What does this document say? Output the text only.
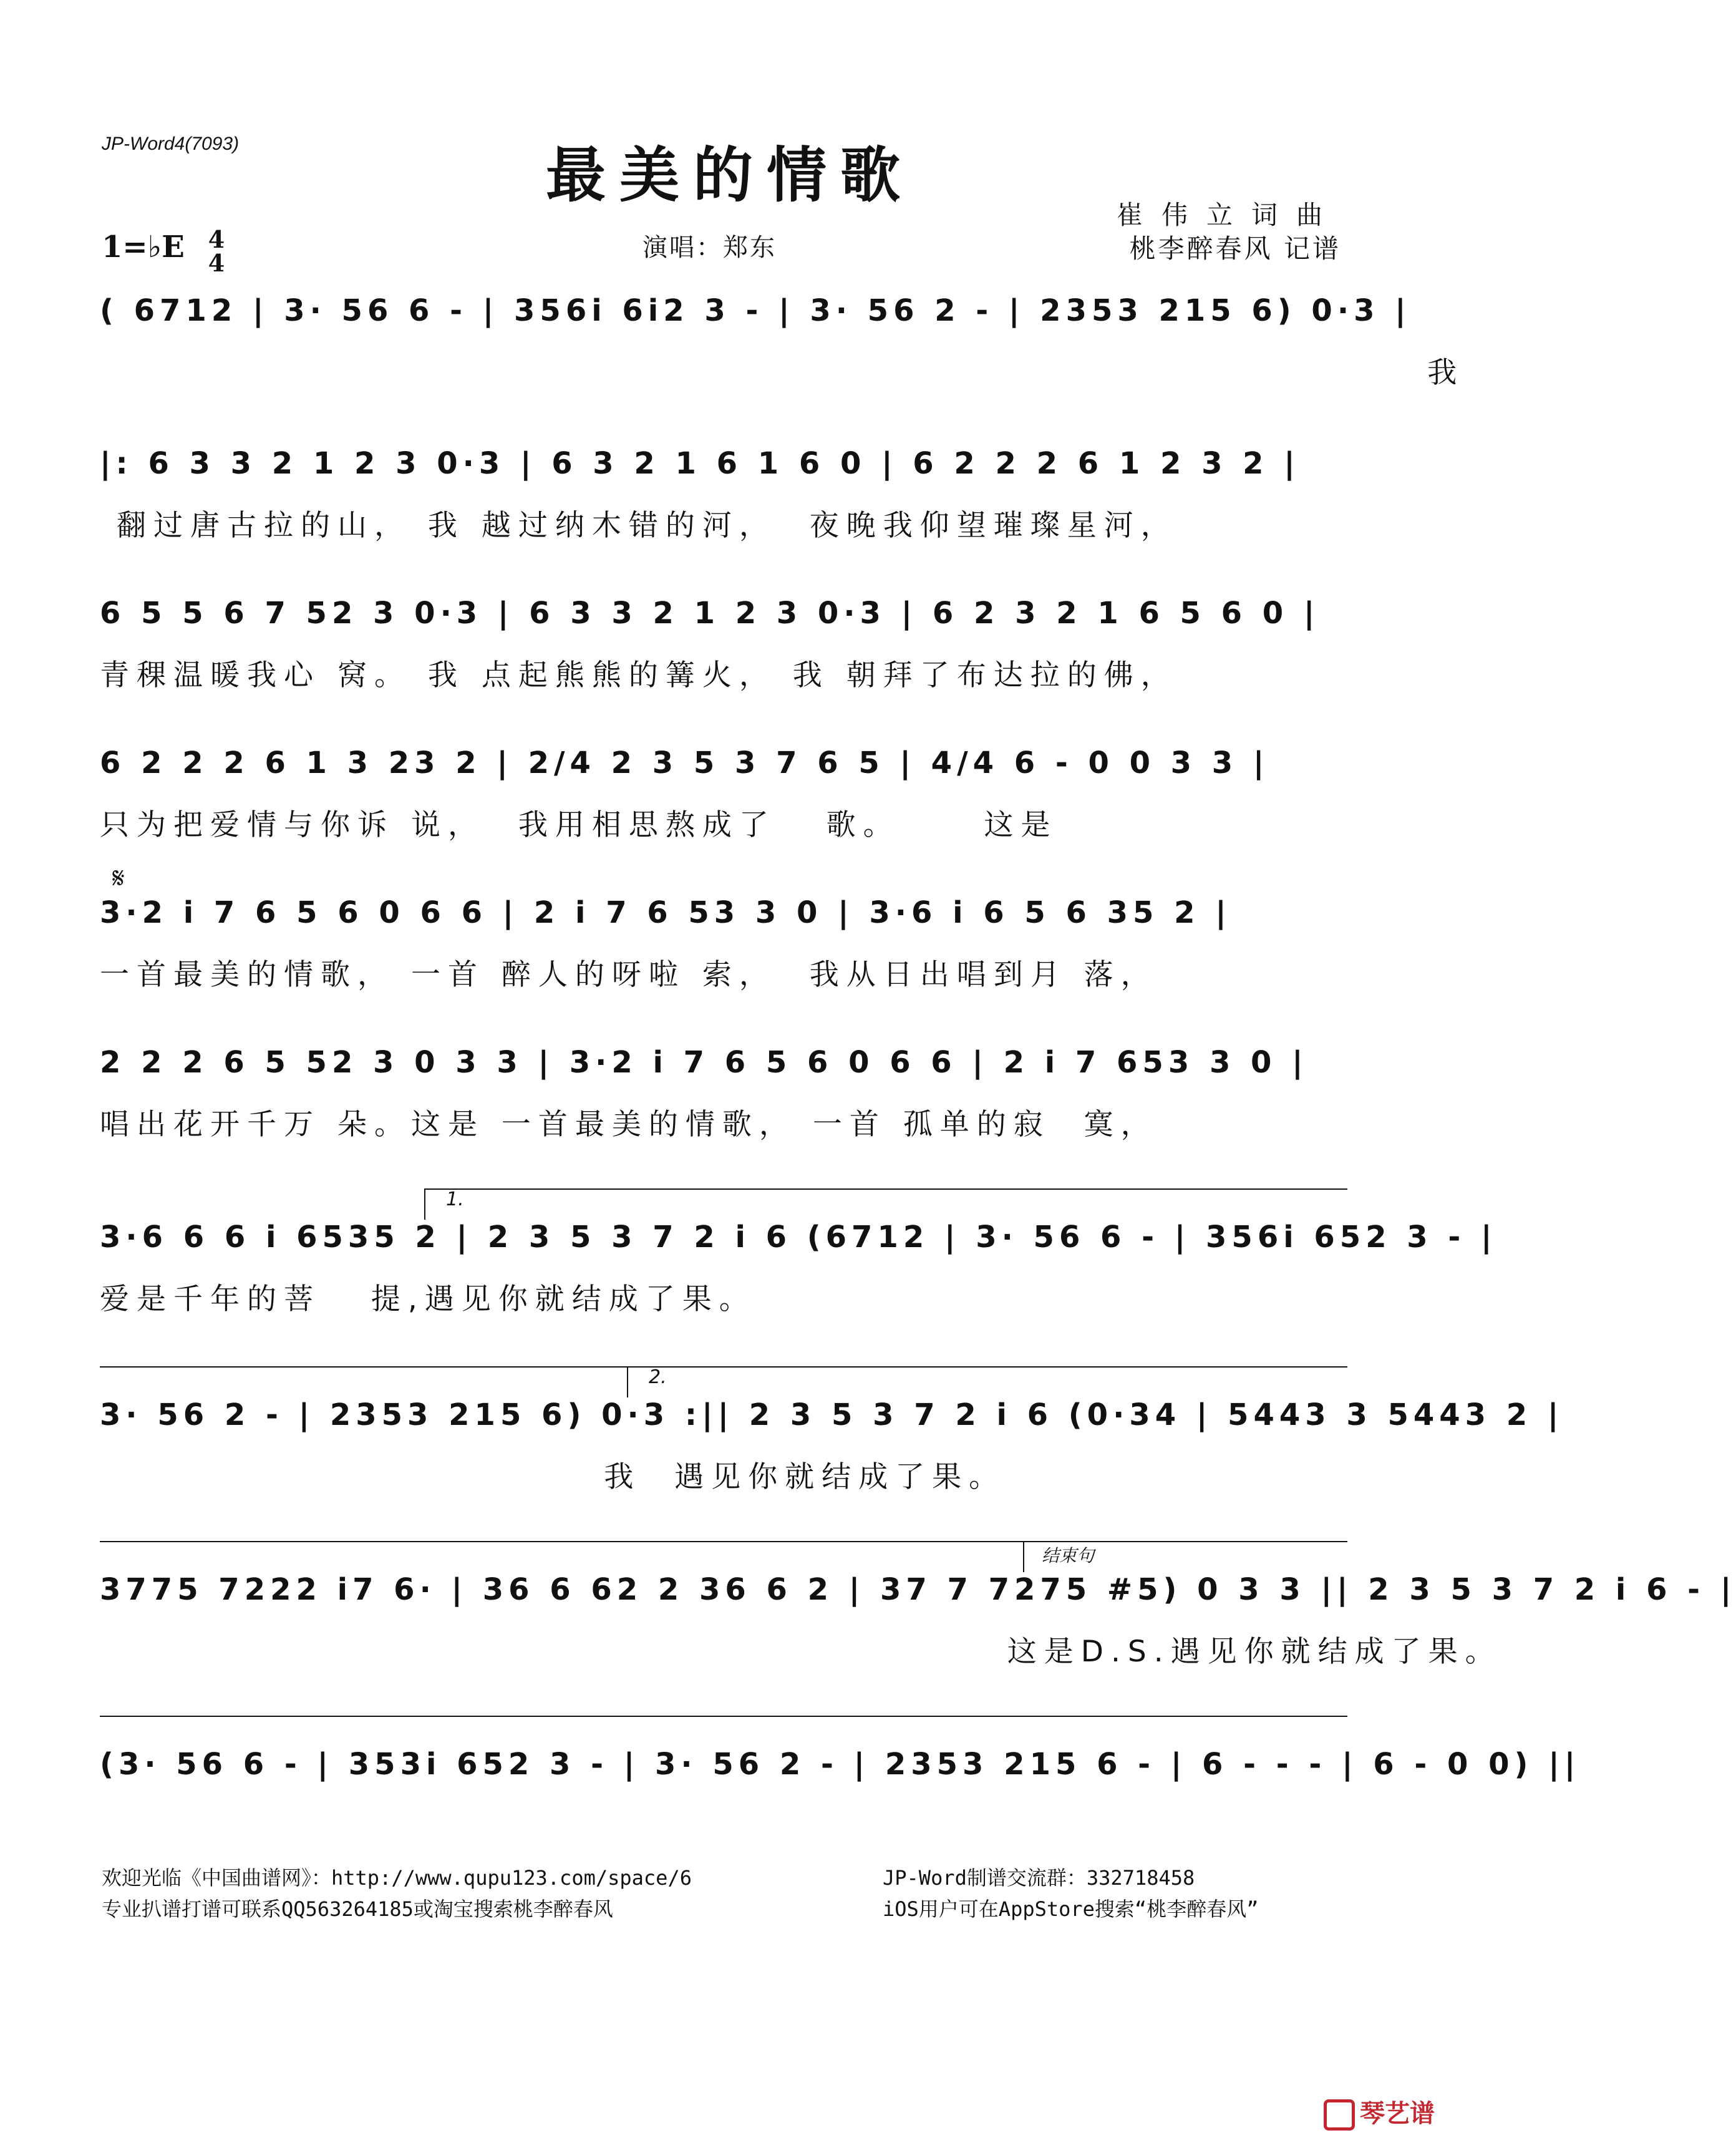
JP-Word4(7093)	最美的情歌
1=♭E 4
4
演唱：郑东
崔伟立词曲
桃李醉春风 记谱
( 6712 | 3· 56 6 - | 356i 6i2 3 - | 3· 56 2 - | 2353 215 6) 0·3 |
我
|: 6 3 3 2 1 2 3 0·3 | 6 3 2 1 6 1 6 0 | 6 2 2 2 6 1 2 3 2 |
翻过唐古拉的山， 我 越过纳木错的河，  夜晚我仰望璀璨星河，
6 5 5 6 7 52 3 0·3 | 6 3 3 2 1 2 3 0·3 | 6 2 3 2 1 6 5 6 0 |
青稞温暖我心 窝。 我 点起熊熊的篝火， 我 朝拜了布达拉的佛，
6 2 2 2 6 1 3 23 2 | 2/4 2 3 5 3 7 6 5 | 4/4 6 - 0 0 3 3 |
只为把爱情与你诉 说，  我用相思熬成了   歌。     这是
𝄋
3·2 i 7 6 5 6 0 6 6 | 2 i 7 6 53 3 0 | 3·6 i 6 5 6 35 2 |
一首最美的情歌， 一首 醉人的呀啦 索，  我从日出唱到月 落，
2 2 2 6 5 52 3 0 3 3 | 3·2 i 7 6 5 6 0 6 6 | 2 i 7 653 3 0 |
唱出花开千万 朵。这是 一首最美的情歌， 一首 孤单的寂  寞，
1.
3·6 6 6 i 6535 2 | 2 3 5 3 7 2 i 6 (6712 | 3· 56 6 - | 356i 652 3 - |
爱是千年的菩   提,遇见你就结成了果。
2.
3· 56 2 - | 2353 215 6) 0·3 :|| 2 3 5 3 7 2 i 6 (0·34 | 5443 3 5443 2 |
我  遇见你就结成了果。
结束句
3775 7222 i7 6· | 36 6 62 2 36 6 2 | 37 7 7275 #5) 0 3 3 || 2 3 5 3 7 2 i 6 - |
这是D.S.遇见你就结成了果。
(3· 56 6 - | 353i 652 3 - | 3· 56 2 - | 2353 215 6 - | 6 - - - | 6 - 0 0) ||
欢迎光临《中国曲谱网》：http://www.qupu123.com/space/6
专业扒谱打谱可联系QQ563264185或淘宝搜索桃李醉春风
JP-Word制谱交流群：332718458
iOS用户可在AppStore搜索“桃李醉春风”
琴艺谱
